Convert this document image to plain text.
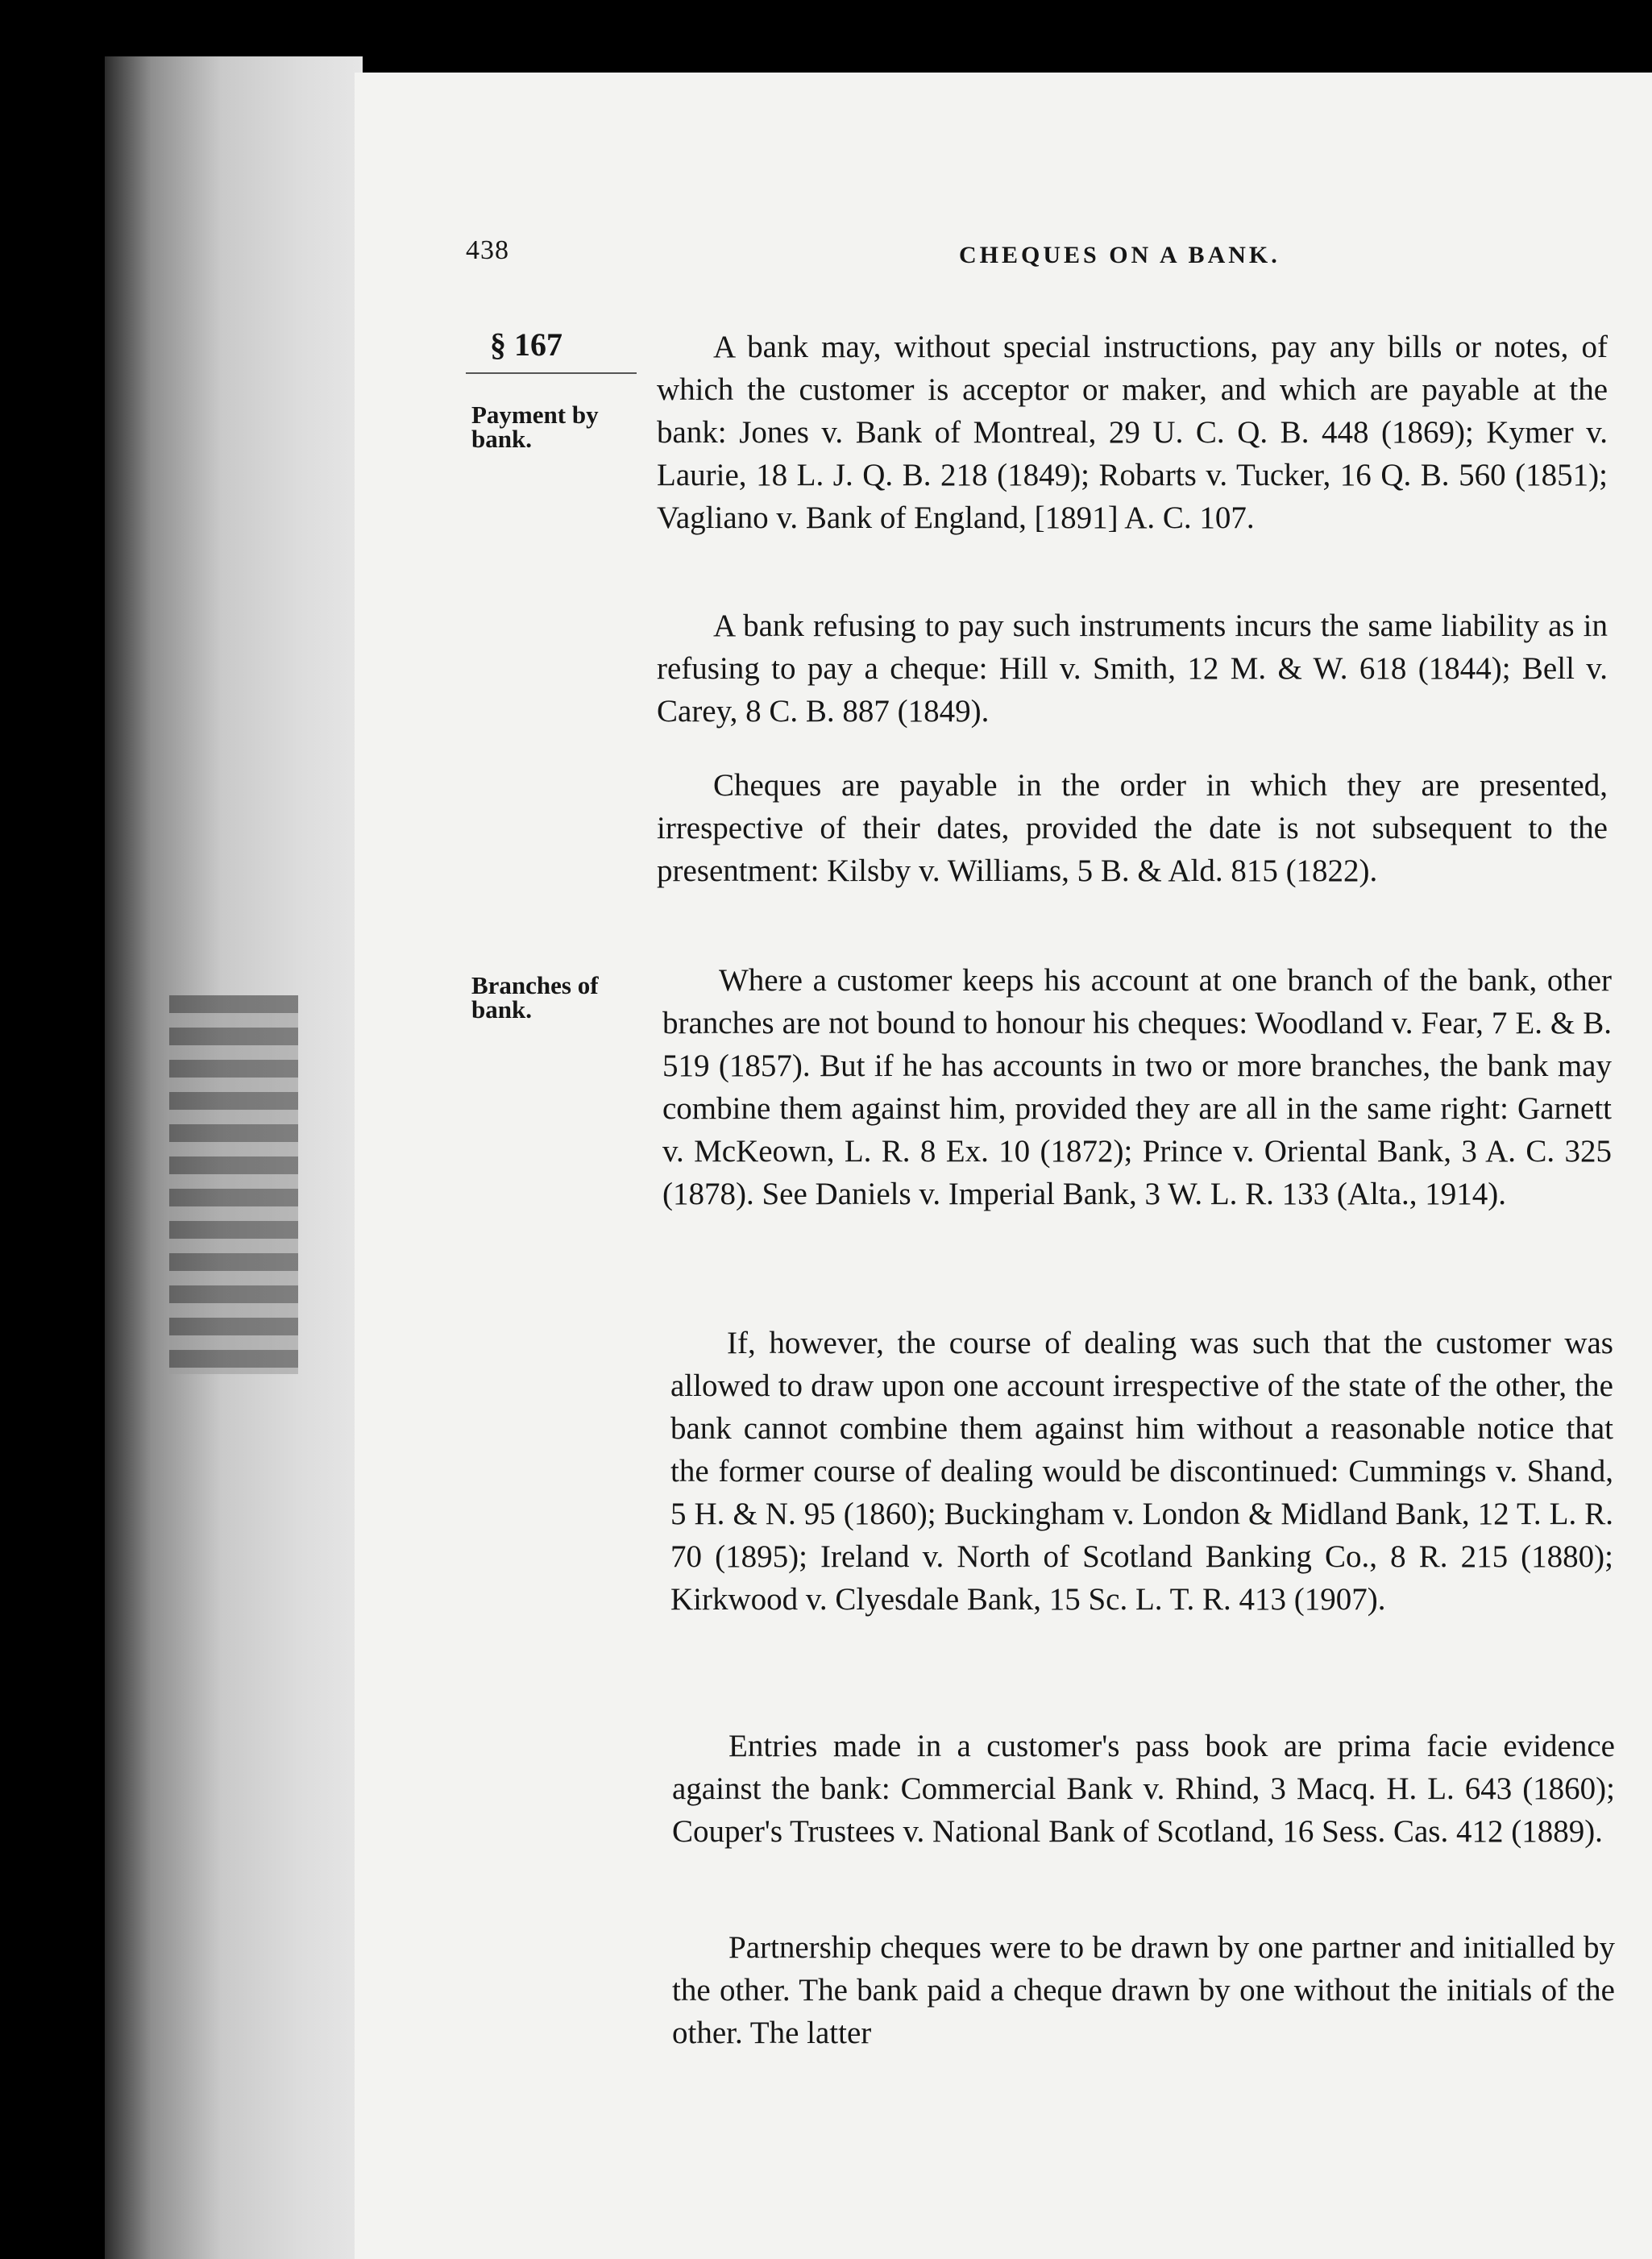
438	CHEQUES ON A BANK.
§ 167
Payment by bank.
Branches of bank.

A bank may, without special instructions, pay any bills or notes, of which the customer is acceptor or maker, and which are payable at the bank: Jones v. Bank of Montreal, 29 U. C. Q. B. 448 (1869); Kymer v. Laurie, 18 L. J. Q. B. 218 (1849); Robarts v. Tucker, 16 Q. B. 560 (1851); Vagliano v. Bank of England, [1891] A. C. 107.

A bank refusing to pay such instruments incurs the same liability as in refusing to pay a cheque: Hill v. Smith, 12 M. & W. 618 (1844); Bell v. Carey, 8 C. B. 887 (1849).

Cheques are payable in the order in which they are presented, irrespective of their dates, provided the date is not subsequent to the presentment: Kilsby v. Williams, 5 B. & Ald. 815 (1822).

Where a customer keeps his account at one branch of the bank, other branches are not bound to honour his cheques: Woodland v. Fear, 7 E. & B. 519 (1857). But if he has accounts in two or more branches, the bank may combine them against him, provided they are all in the same right: Garnett v. McKeown, L. R. 8 Ex. 10 (1872); Prince v. Oriental Bank, 3 A. C. 325 (1878). See Daniels v. Imperial Bank, 3 W. L. R. 133 (Alta., 1914).

If, however, the course of dealing was such that the customer was allowed to draw upon one account irrespective of the state of the other, the bank cannot combine them against him without a reasonable notice that the former course of dealing would be discontinued: Cummings v. Shand, 5 H. & N. 95 (1860); Buckingham v. London & Midland Bank, 12 T. L. R. 70 (1895); Ireland v. North of Scotland Banking Co., 8 R. 215 (1880); Kirkwood v. Clyesdale Bank, 15 Sc. L. T. R. 413 (1907).

Entries made in a customer's pass book are prima facie evidence against the bank: Commercial Bank v. Rhind, 3 Macq. H. L. 643 (1860); Couper's Trustees v. National Bank of Scotland, 16 Sess. Cas. 412 (1889).

Partnership cheques were to be drawn by one partner and initialled by the other. The bank paid a cheque drawn by one without the initials of the other. The latter
